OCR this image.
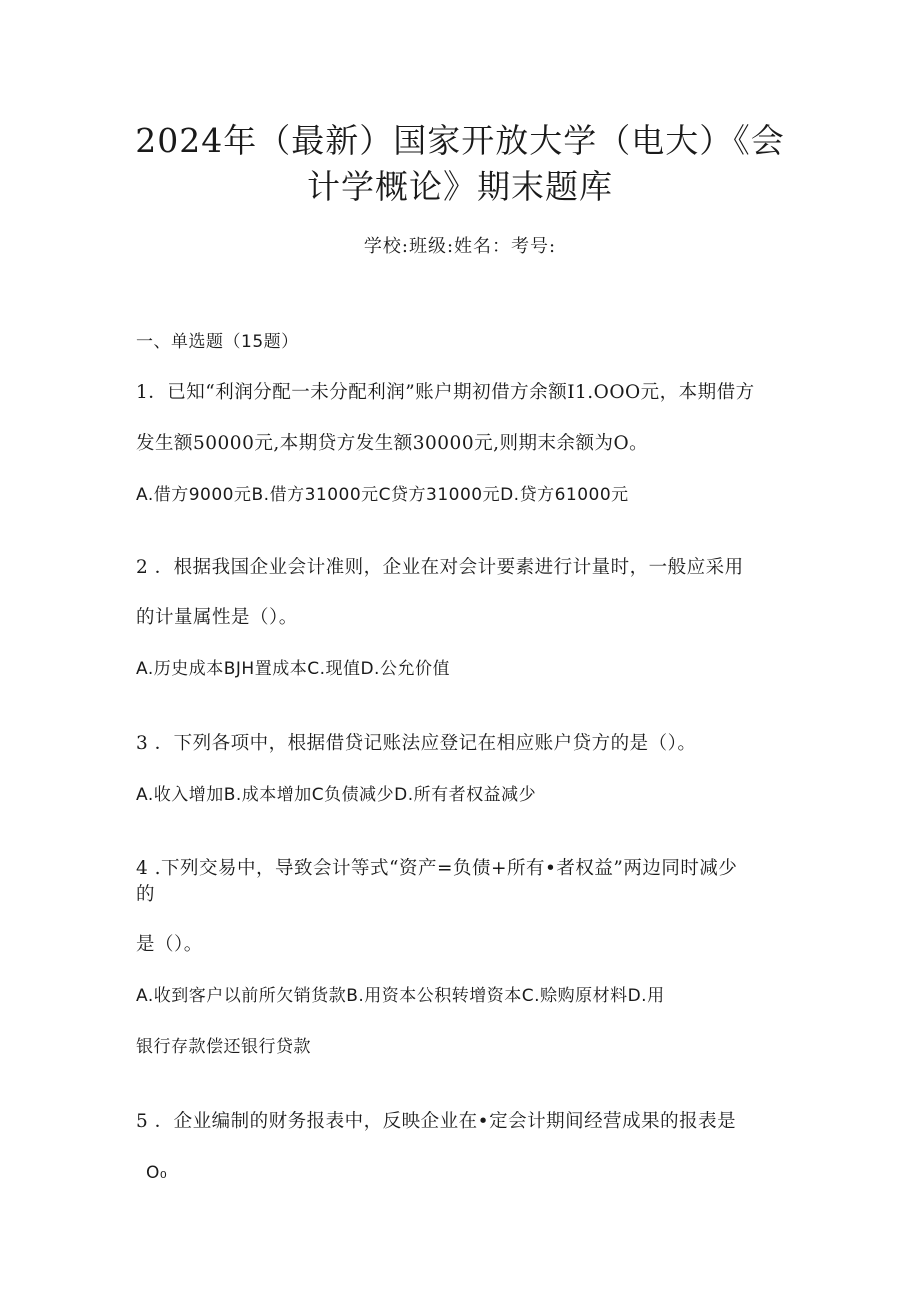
2024年（最新）国家开放大学（电大）《会
计学概论》期末题库
学校:班级:姓名：考号:
一、单选题（15题）
1．已知“利润分配一未分配利润”账户期初借方余额I1.OOO元，本期借方
发生额50000元,本期贷方发生额30000元,则期末余额为O。
A.借方9000元B.借方31000元C贷方31000元D.贷方61000元
2 ．根据我国企业会计准则，企业在对会计要素进行计量时，一般应采用
的计量属性是（）。
A.历史成本BJH置成本C.现值D.公允价值
3 ．下列各项中，根据借贷记账法应登记在相应账户贷方的是（）。
A.收入增加B.成本增加C负债减少D.所有者权益减少
4 .下列交易中，导致会计等式“资产=负债+所有•者权益”两边同时减少
的
是（）。
A.收到客户以前所欠销货款B.用资本公积转增资本C.赊购原材料D.用
银行存款偿还银行贷款
5 ．企业编制的财务报表中，反映企业在•定会计期间经营成果的报表是
O₀
